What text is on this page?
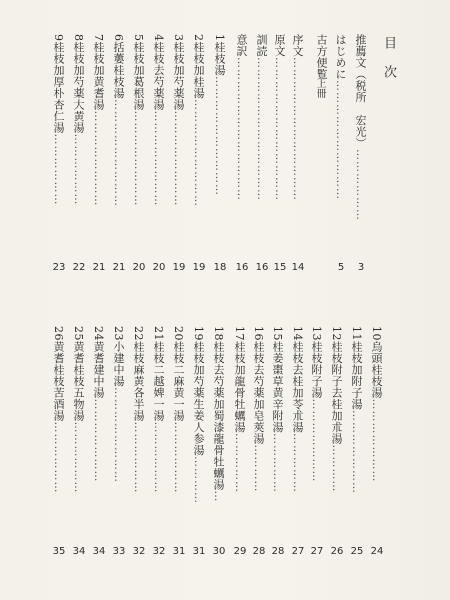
目 次
推薦文（税所　宏光）………………
3
はじめに…………………………
5
古方便覧
序文………………………………
14
原文………………………………
15
訓読………………………………
16
意訳………………………………
16
1桂枝湯…………………………
18
2桂枝加桂湯………………………
19
3桂枝加芍薬湯……………………
19
4桂枝去芍薬湯……………………
20
5桂枝加葛根湯……………………
20
6括蔞桂枝湯………………………
21
7桂枝加黄耆湯……………………
21
8桂枝加芍薬大黄湯………………
22
9桂枝加厚朴杏仁湯………………
23
上冊
10烏頭桂枝湯…………………
24
11桂枝加附子湯…………………
25
12桂枝附子去桂加朮湯…………
26
13桂枝附子湯…………………
27
14桂枝去桂加苓朮湯……………
27
15桂姜棗草黄辛附湯……………
28
16桂枝去芍薬加皂莢湯…………
28
17桂枝加龍骨牡蠣湯……………
29
18桂枝去芍薬加蜀漆龍骨牡蠣湯…
30
19桂枝加芍薬生姜人参湯…………
31
20桂枝二麻黄一湯………………
31
21桂枝二越婢一湯………………
32
22桂枝麻黄各半湯………………
32
23小建中湯……………………
33
24黄耆建中湯…………………
34
25黄耆桂枝五物湯………………
34
26黄耆桂枝苦酒湯………………
35
